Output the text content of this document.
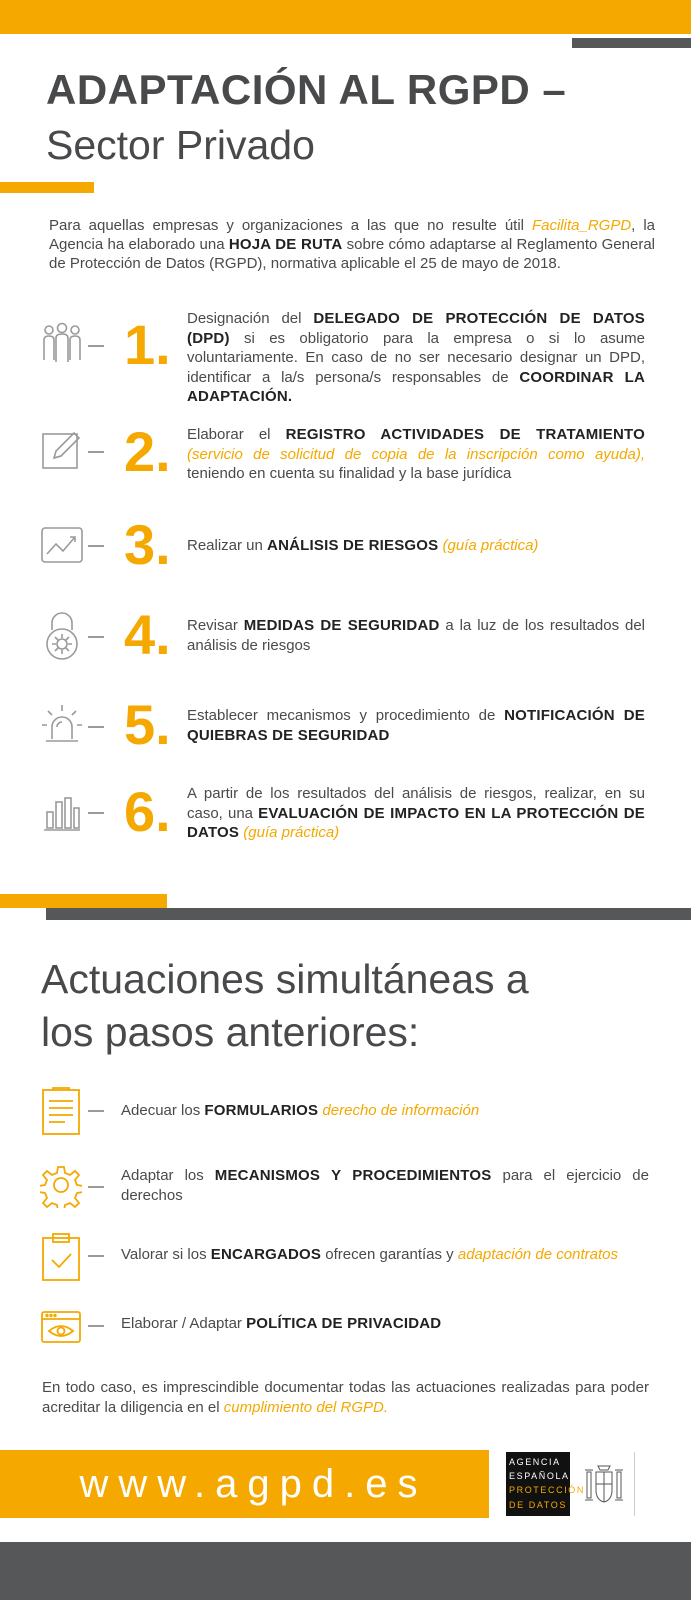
ADAPTACIÓN AL RGPD –
Sector Privado
Para aquellas empresas y organizaciones a las que no resulte útil Facilita_RGPD, la Agencia ha elaborado una HOJA DE RUTA sobre cómo adaptarse al Reglamento General de Protección de Datos (RGPD), normativa aplicable el 25 de mayo de 2018.
1. Designación del DELEGADO DE PROTECCIÓN DE DATOS (DPD) si es obligatorio para la empresa o si lo asume voluntariamente. En caso de no ser necesario designar un DPD, identificar a la/s persona/s responsables de COORDINAR LA ADAPTACIÓN.
2. Elaborar el REGISTRO ACTIVIDADES DE TRATAMIENTO (servicio de solicitud de copia de la inscripción como ayuda), teniendo en cuenta su finalidad y la base jurídica
3. Realizar un ANÁLISIS DE RIESGOS (guía práctica)
4. Revisar MEDIDAS DE SEGURIDAD a la luz de los resultados del análisis de riesgos
5. Establecer mecanismos y procedimiento de NOTIFICACIÓN DE QUIEBRAS DE SEGURIDAD
6. A partir de los resultados del análisis de riesgos, realizar, en su caso, una EVALUACIÓN DE IMPACTO EN LA PROTECCIÓN DE DATOS (guía práctica)
Actuaciones simultáneas a
los pasos anteriores:
Adecuar los FORMULARIOS derecho de información
Adaptar los MECANISMOS Y PROCEDIMIENTOS para el ejercicio de derechos
Valorar si los ENCARGADOS ofrecen garantías y adaptación de contratos
Elaborar / Adaptar POLÍTICA DE PRIVACIDAD
En todo caso, es imprescindible documentar todas las actuaciones realizadas para poder acreditar la diligencia en el cumplimiento del RGPD.
www.agpd.es	AGENCIA
ESPAÑOLA DE
PROTECCIÓN
DE DATOS
